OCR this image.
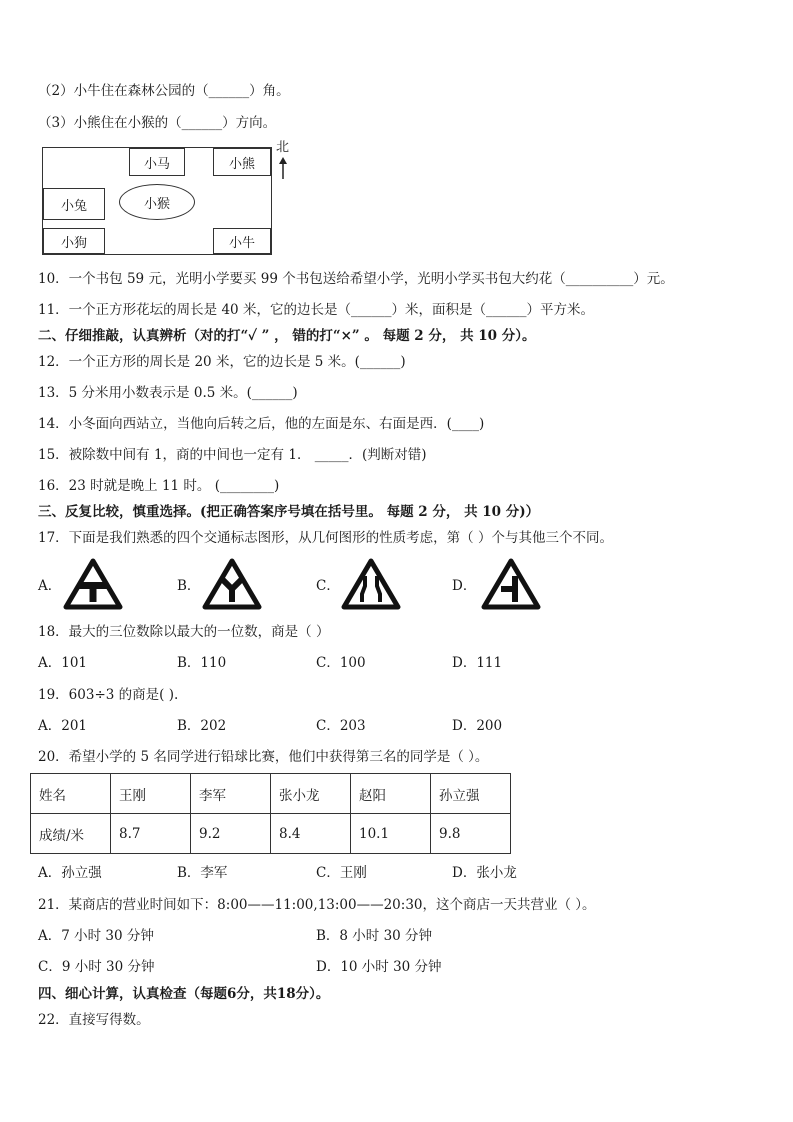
（2）小牛住在森林公园的（______）角。
（3）小熊住在小猴的（______）方向。
小马	小熊
小兔	小猴
小狗	小牛
北
10．一个书包 59 元，光明小学要买 99 个书包送给希望小学，光明小学买书包大约花（__________）元。
11．一个正方形花坛的周长是 40 米，它的边长是（______）米，面积是（______）平方米。
二、仔细推敲，认真辨析（对的打“✓ ” ， 错的打“×” 。 每题 2 分， 共 10 分）。
12．一个正方形的周长是 20 米，它的边长是 5 米。(______)
13．5 分米用小数表示是 0.5 米。(______)
14．小冬面向西站立，当他向后转之后，他的左面是东、右面是西．(____)
15．被除数中间有 1，商的中间也一定有 1． _____．(判断对错)
16．23 时就是晚上 11 时。 (________)
三、反复比较，慎重选择。(把正确答案序号填在括号里。 每题 2 分， 共 10 分)）
17．下面是我们熟悉的四个交通标志图形，从几何图形的性质考虑，第（ ）个与其他三个不同。
A．	B．	C．	D．
18．最大的三位数除以最大的一位数，商是（ ）
A．101	B．110	C．100	D．111
19．603÷3 的商是( ).
A．201	B．202	C．203	D．200
20．希望小学的 5 名同学进行铅球比赛，他们中获得第三名的同学是（ ）。
姓名	王刚	李军	张小龙	赵阳	孙立强
成绩/米	8.7	9.2	8.4	10.1	9.8
A．孙立强	B．李军	C．王刚	D．张小龙
21．某商店的营业时间如下：8:00——11:00,13:00——20:30，这个商店一天共营业（ ）。
A．7 小时 30 分钟	B．8 小时 30 分钟
C．9 小时 30 分钟	D．10 小时 30 分钟
四、细心计算，认真检查（每题6分，共18分）。
22．直接写得数。
